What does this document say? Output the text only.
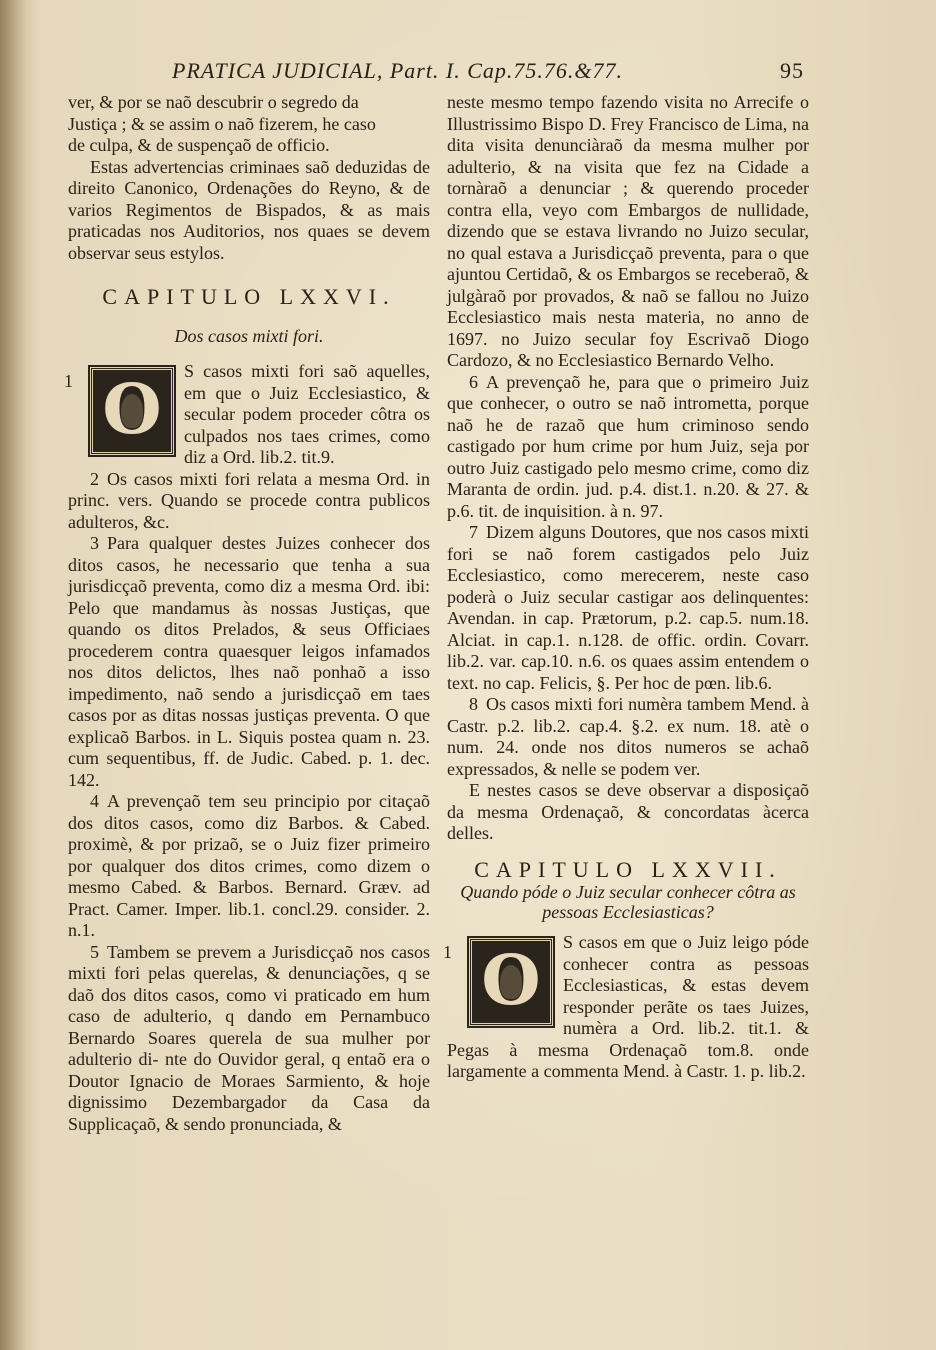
PRATICA JUDICIAL, Part. I. Cap.75.76.&77.	95

ver, & por se naõ descubrir o segredo da

Justiça ; & se assim o naõ fizerem, he caso

de culpa, & de suspençaõ de officio.

Estas advertencias criminaes saõ deduzidas de direito Canonico, Ordenações do Reyno, & de varios Regimentos de Bispados, & as mais praticadas nos Auditorios, nos quaes se devem observar seus estylos.

CAPITULO LXXVI.
Dos casos mixti fori.
1 O	S casos mixti fori saõ aquelles, em que o Juiz Ecclesiastico, & secular podem proceder côtra os culpados nos taes crimes, como diz a Ord. lib.2. tit.9.

2 Os casos mixti fori relata a mesma Ord. in princ. vers. Quando se procede contra publicos adulteros, &c.

3 Para qualquer destes Juizes conhecer dos ditos casos, he necessario que tenha a sua jurisdicçaõ preventa, como diz a mesma Ord. ibi: Pelo que mandamus às nossas Justiças, que quando os ditos Prelados, & seus Officiaes procederem contra quaesquer leigos infamados nos ditos delictos, lhes naõ ponhaõ a isso impedimento, naõ sendo a jurisdicçaõ em taes casos por as ditas nossas justiças preventa. O que explicaõ Barbos. in L. Siquis postea quam n. 23. cum sequentibus, ff. de Judic. Cabed. p. 1. dec. 142.

4 A prevençaõ tem seu principio por citaçaõ dos ditos casos, como diz Barbos. & Cabed. proximè, & por prizaõ, se o Juiz fizer primeiro por qualquer dos ditos crimes, como dizem o mesmo Cabed. & Barbos. Bernard. Græv. ad Pract. Camer. Imper. lib.1. concl.29. consider. 2. n.1.

5 Tambem se prevem a Jurisdicçaõ nos casos mixti fori pelas querelas, & denunciações, q se daõ dos ditos casos, como vi praticado em hum caso de adulterio, q dando em Pernambuco Bernardo Soares querela de sua mulher por adulterio di- nte do Ouvidor geral, q entaõ era o Doutor Ignacio de Moraes Sarmiento, & hoje dignissimo Dezembargador da Casa da Supplicaçaõ, & sendo pronunciada, &

neste mesmo tempo fazendo visita no Arrecife o Illustrissimo Bispo D. Frey Francisco de Lima, na dita visita denunciàraõ da mesma mulher por adulterio, & na visita que fez na Cidade a tornàraõ a denunciar ; & querendo proceder contra ella, veyo com Embargos de nullidade, dizendo que se estava livrando no Juizo secular, no qual estava a Jurisdicçaõ preventa, para o que ajuntou Certidaõ, & os Embargos se receberaõ, & julgàraõ por provados, & naõ se fallou no Juizo Ecclesiastico mais nesta materia, no anno de 1697. no Juizo secular foy Escrivaõ Diogo Cardozo, & no Ecclesiastico Bernardo Velho.

6 A prevençaõ he, para que o primeiro Juiz que conhecer, o outro se naõ intrometta, porque naõ he de razaõ que hum criminoso sendo castigado por hum crime por hum Juiz, seja por outro Juiz castigado pelo mesmo crime, como diz Maranta de ordin. jud. p.4. dist.1. n.20. & 27. & p.6. tit. de inquisition. à n. 97.

7 Dizem alguns Doutores, que nos casos mixti fori se naõ forem castigados pelo Juiz Ecclesiastico, como merecerem, neste caso poderà o Juiz secular castigar aos delinquentes: Avendan. in cap. Prætorum, p.2. cap.5. num.18. Alciat. in cap.1. n.128. de offic. ordin. Covarr. lib.2. var. cap.10. n.6. os quaes assim entendem o text. no cap. Felicis, §. Per hoc de pœn. lib.6.

8 Os casos mixti fori numèra tambem Mend. à Castr. p.2. lib.2. cap.4. §.2. ex num. 18. atè o num. 24. onde nos ditos numeros se achaõ expressados, & nelle se podem ver.

E nestes casos se deve observar a disposiçaõ da mesma Ordenaçaõ, & concordatas àcerca delles.

CAPITULO LXXVII.
Quando póde o Juiz secular conhecer côtra as pessoas Ecclesiasticas?
1 O	S casos em que o Juiz leigo póde conhecer contra as pessoas Ecclesiasticas, & estas devem responder perãte os taes Juizes, numèra a Ord. lib.2. tit.1. & Pegas à mesma Ordenaçaõ tom.8. onde largamente a commenta Mend. à Castr. 1. p. lib.2.
